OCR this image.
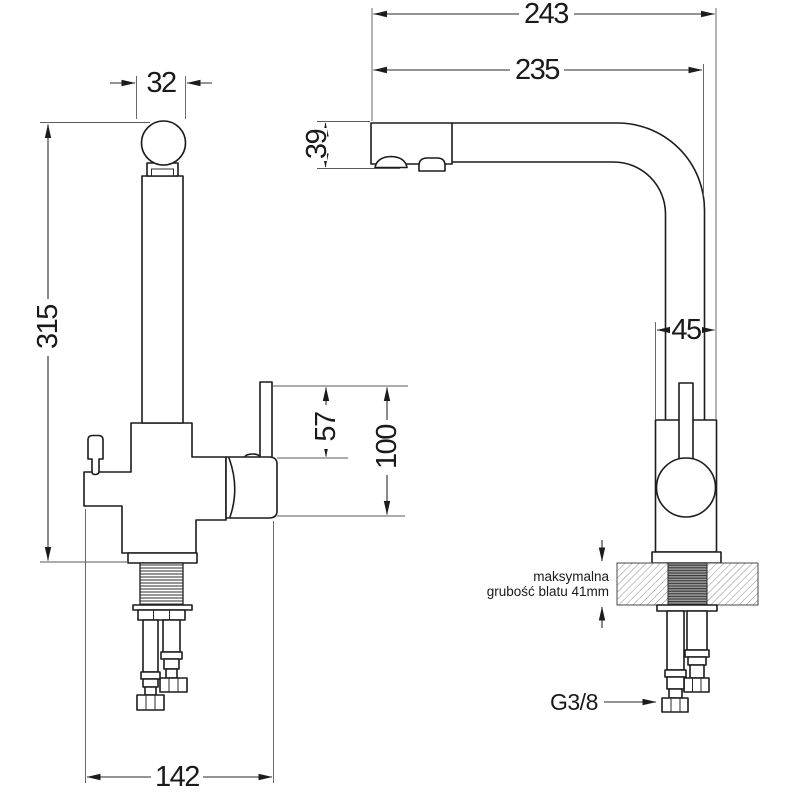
32
315
57 100
142
243
235
39
45
maksymalna
grubość blatu 41mm
G3/8
